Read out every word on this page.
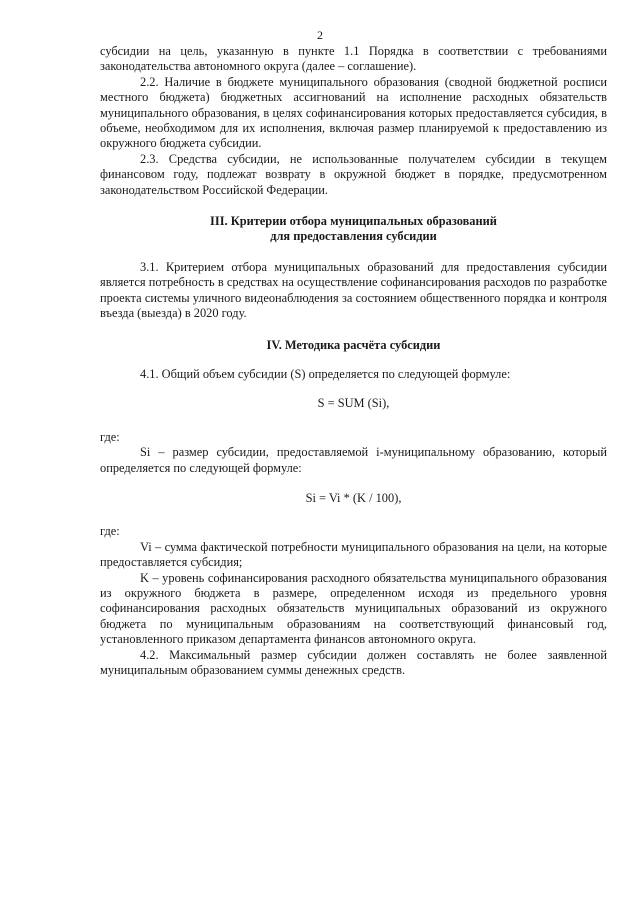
2

субсидии на цель, указанную в пункте 1.1 Порядка в соответствии с требованиями законодательства автономного округа (далее – соглашение).

2.2. Наличие в бюджете муниципального образования (сводной бюджетной росписи местного бюджета) бюджетных ассигнований на исполнение расходных обязательств муниципального образования, в целях софинансирования которых предоставляется субсидия, в объеме, необходимом для их исполнения, включая размер планируемой к предоставлению из окружного бюджета субсидии.

2.3. Средства субсидии, не использованные получателем субсидии в текущем финансовом году, подлежат возврату в окружной бюджет в порядке, предусмотренном законодательством Российской Федерации.

III. Критерии отбора муниципальных образований

для предоставления субсидии

3.1. Критерием отбора муниципальных образований для предоставления субсидии является потребность в средствах на осуществление софинансирования расходов по разработке проекта системы уличного видеонаблюдения за состоянием общественного порядка и контроля въезда (выезда) в 2020 году.

IV. Методика расчёта субсидии

4.1. Общий объем субсидии (S) определяется по следующей формуле:

S = SUM (Si),

где:

Si – размер субсидии, предоставляемой i-муниципальному образованию, который определяется по следующей формуле:

Si = Vi * (K / 100),

где:

Vi – сумма фактической потребности муниципального образования на цели, на которые предоставляется субсидия;

K – уровень софинансирования расходного обязательства муниципального образования из окружного бюджета в размере, определенном исходя из предельного уровня софинансирования расходных обязательств муниципальных образований из окружного бюджета по муниципальным образованиям на соответствующий финансовый год, установленного приказом департамента финансов автономного округа.

4.2. Максимальный размер субсидии должен составлять не более заявленной муниципальным образованием суммы денежных средств.
